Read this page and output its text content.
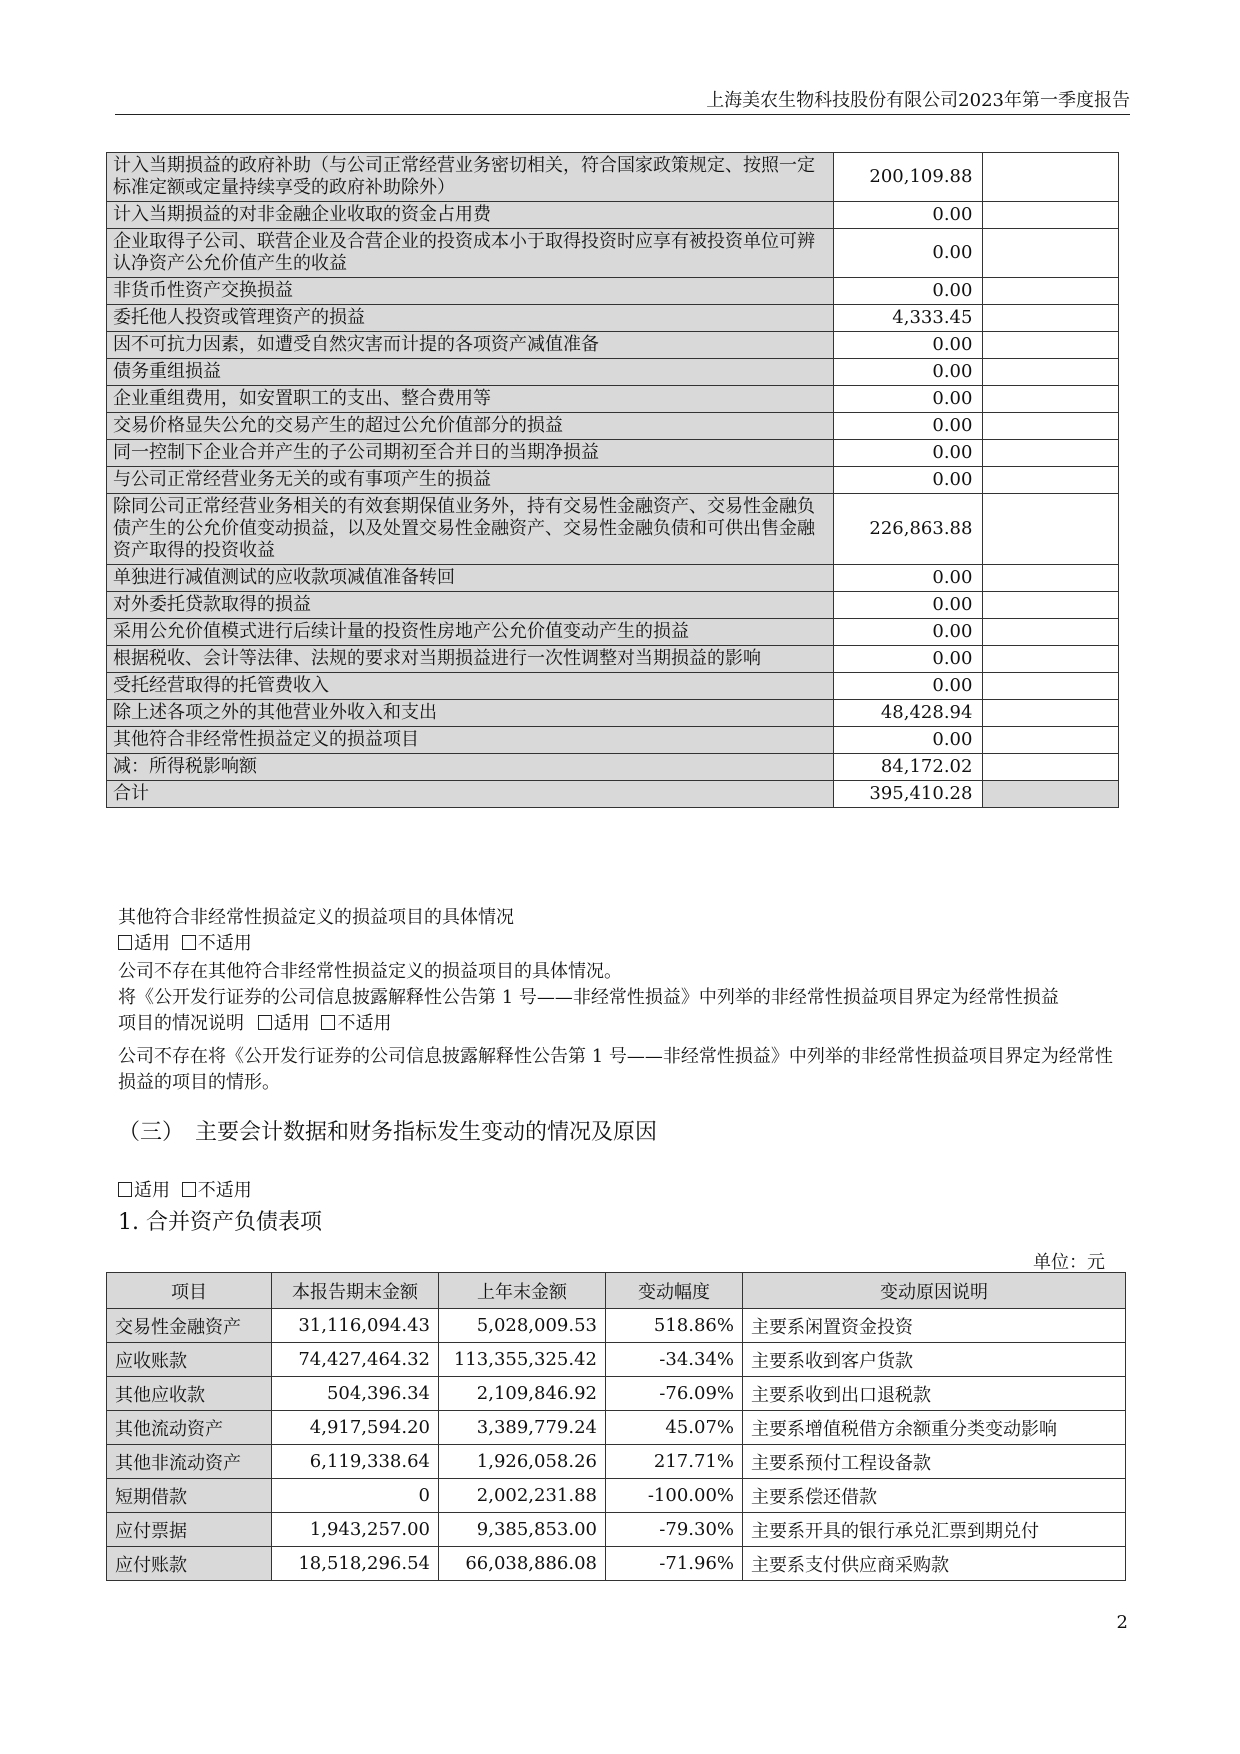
上海美农生物科技股份有限公司2023年第一季度报告
计入当期损益的政府补助（与公司正常经营业务密切相关，符合国家政策规定、按照一定标准定额或定量持续享受的政府补助除外）	200,109.88	
计入当期损益的对非金融企业收取的资金占用费	0.00	
企业取得子公司、联营企业及合营企业的投资成本小于取得投资时应享有被投资单位可辨认净资产公允价值产生的收益	0.00	
非货币性资产交换损益	0.00	
委托他人投资或管理资产的损益	4,333.45	
因不可抗力因素，如遭受自然灾害而计提的各项资产减值准备	0.00	
债务重组损益	0.00	
企业重组费用，如安置职工的支出、整合费用等	0.00	
交易价格显失公允的交易产生的超过公允价值部分的损益	0.00	
同一控制下企业合并产生的子公司期初至合并日的当期净损益	0.00	
与公司正常经营业务无关的或有事项产生的损益	0.00	
除同公司正常经营业务相关的有效套期保值业务外，持有交易性金融资产、交易性金融负债产生的公允价值变动损益，以及处置交易性金融资产、交易性金融负债和可供出售金融资产取得的投资收益	226,863.88	
单独进行减值测试的应收款项减值准备转回	0.00	
对外委托贷款取得的损益	0.00	
采用公允价值模式进行后续计量的投资性房地产公允价值变动产生的损益	0.00	
根据税收、会计等法律、法规的要求对当期损益进行一次性调整对当期损益的影响	0.00	
受托经营取得的托管费收入	0.00	
除上述各项之外的其他营业外收入和支出	48,428.94	
其他符合非经常性损益定义的损益项目	0.00	
减：所得税影响额	84,172.02	
合计	395,410.28	
其他符合非经常性损益定义的损益项目的具体情况
适用 不适用
公司不存在其他符合非经常性损益定义的损益项目的具体情况。
将《公开发行证券的公司信息披露解释性公告第 1 号——非经常性损益》中列举的非经常性损益项目界定为经常性损益
项目的情况说明 适用 不适用
公司不存在将《公开发行证券的公司信息披露解释性公告第 1 号——非经常性损益》中列举的非经常性损益项目界定为经常性损益的项目的情形。
（三）　主要会计数据和财务指标发生变动的情况及原因
适用 不适用
1. 合并资产负债表项
单位：元
项目	本报告期末金额	上年末金额	变动幅度	变动原因说明
交易性金融资产	31,116,094.43	5,028,009.53	518.86%	主要系闲置资金投资
应收账款	74,427,464.32	113,355,325.42	-34.34%	主要系收到客户货款
其他应收款	504,396.34	2,109,846.92	-76.09%	主要系收到出口退税款
其他流动资产	4,917,594.20	3,389,779.24	45.07%	主要系增值税借方余额重分类变动影响
其他非流动资产	6,119,338.64	1,926,058.26	217.71%	主要系预付工程设备款
短期借款	0	2,002,231.88	-100.00%	主要系偿还借款
应付票据	1,943,257.00	9,385,853.00	-79.30%	主要系开具的银行承兑汇票到期兑付
应付账款	18,518,296.54	66,038,886.08	-71.96%	主要系支付供应商采购款
2
